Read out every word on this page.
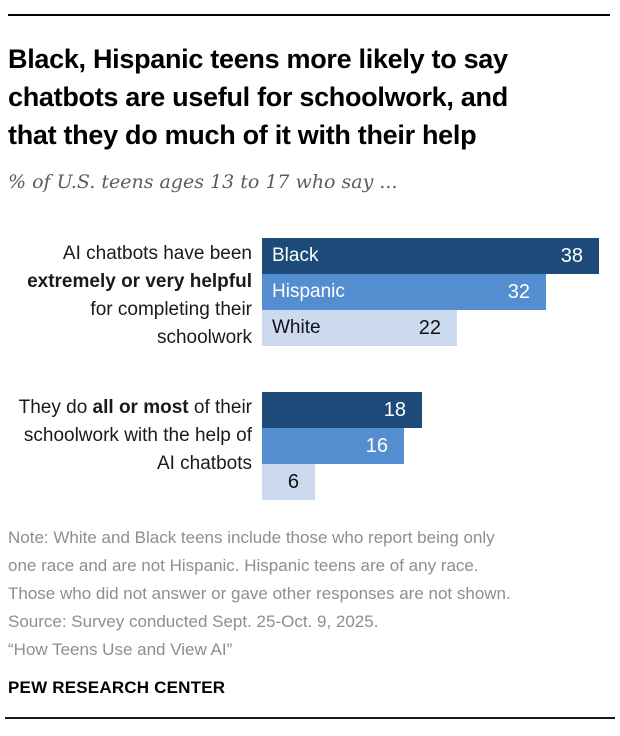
Black, Hispanic teens more likely to say
chatbots are useful for schoolwork, and
that they do much of it with their help

% of U.S. teens ages 13 to 17 who say ...

AI chatbots have been extremely or very helpful for completing their schoolwork
Black	38
Hispanic	32
White	22
They do all or most of their schoolwork with the help of AI chatbots
18
16
6
Note: White and Black teens include those who report being only
one race and are not Hispanic. Hispanic teens are of any race.
Those who did not answer or gave other responses are not shown.
Source: Survey conducted Sept. 25-Oct. 9, 2025.
“How Teens Use and View AI”
PEW RESEARCH CENTER
